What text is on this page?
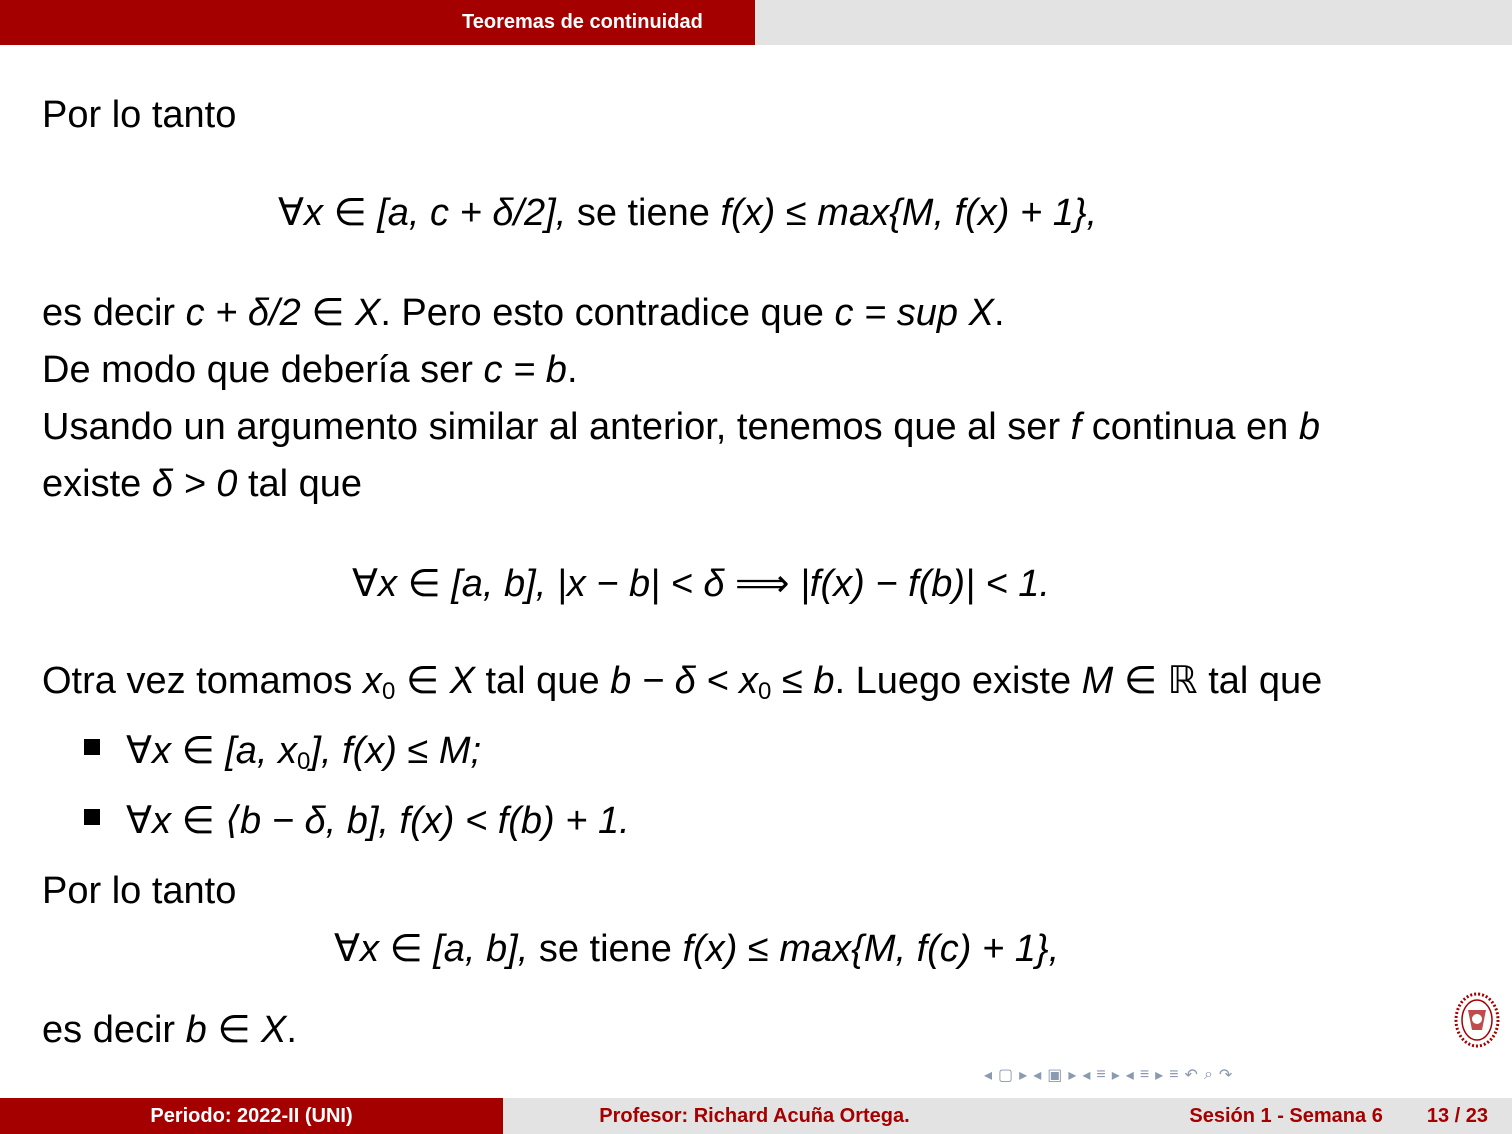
Teoremas de continuidad
Por lo tanto
∀x ∈ [a, c + δ/2], se tiene f(x) ≤ max{M, f(x) + 1},
es decir c + δ/2 ∈ X. Pero esto contradice que c = sup X.
De modo que debería ser c = b.
Usando un argumento similar al anterior, tenemos que al ser f continua en b
existe δ > 0 tal que
∀x ∈ [a, b], |x − b| < δ ⟹ |f(x) − f(b)| < 1.
Otra vez tomamos $x_0$ ∈ X tal que $b - \delta < x_0 \le b$. Luego existe M ∈ ℝ tal que
∀x ∈ [a, $x_0$], f(x) ≤ M;
∀x ∈ ⟨b − δ, b], f(x) < f(b) + 1.
Por lo tanto
∀x ∈ [a, b], se tiene f(x) ≤ max{M, f(c) + 1},
es decir b ∈ X.
◂ ▢ ▸ ◂ ▣ ▸ ◂ ≡ ▸ ◂ ≡ ▸ ≡ ↶ ⌕ ↷
Periodo: 2022-II (UNI)	Profesor: Richard Acuña Ortega.	Sesión 1 - Semana 6 13 / 23
